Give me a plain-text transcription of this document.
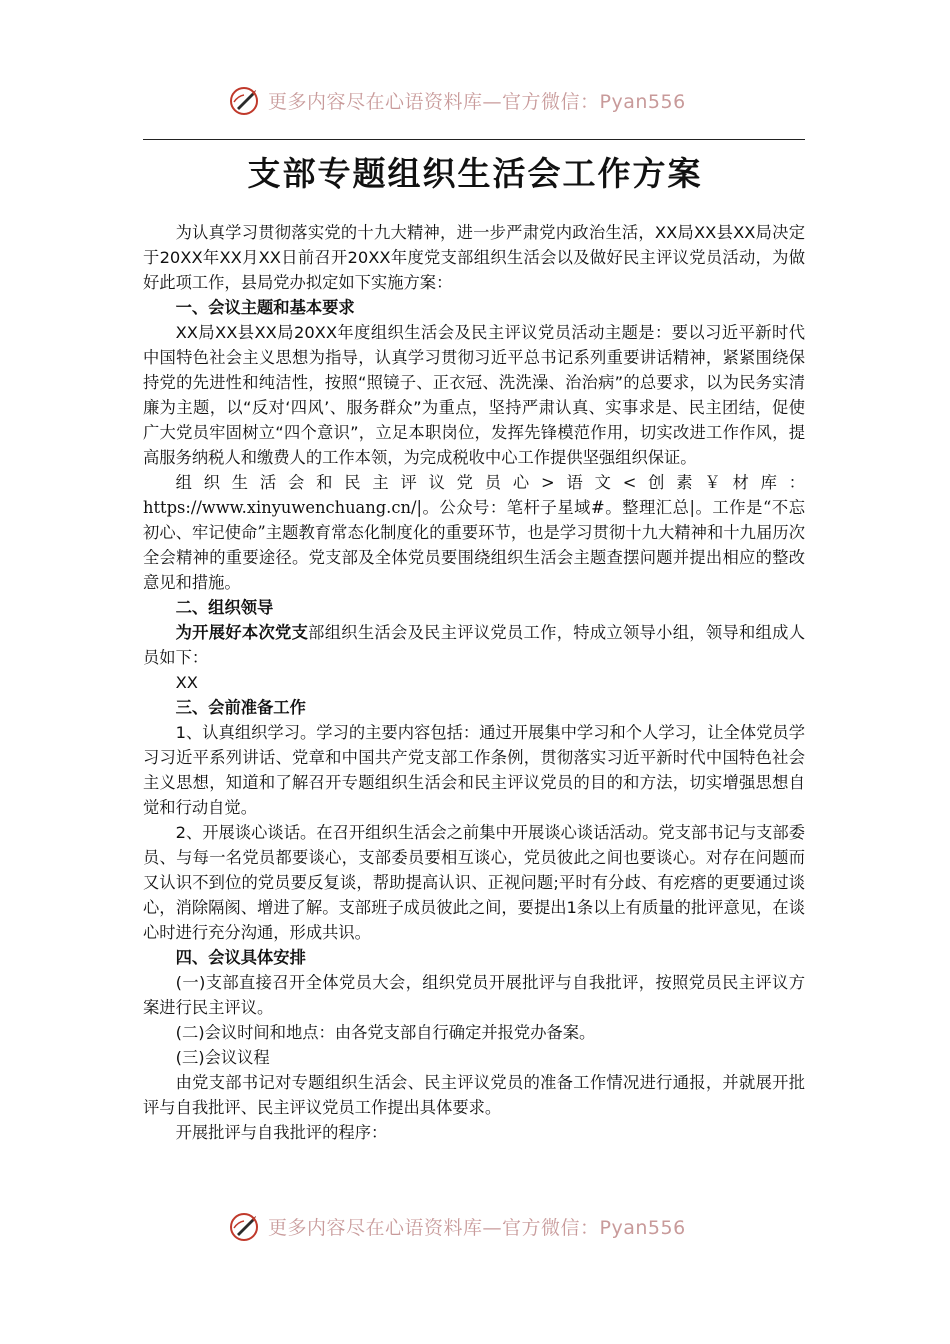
更多内容尽在心语资料库—官方微信：Pyan556
支部专题组织生活会工作方案

为认真学习贯彻落实党的十九大精神，进一步严肃党内政治生活，XX局XX县XX局决定于20XX年XX月XX日前召开20XX年度党支部组织生活会以及做好民主评议党员活动，为做好此项工作，县局党办拟定如下实施方案：

一、会议主题和基本要求

XX局XX县XX局20XX年度组织生活会及民主评议党员活动主题是：要以习近平新时代中国特色社会主义思想为指导，认真学习贯彻习近平总书记系列重要讲话精神，紧紧围绕保持党的先进性和纯洁性，按照“照镜子、正衣冠、洗洗澡、治治病”的总要求，以为民务实清廉为主题，以“反对‘四风’、服务群众”为重点，坚持严肃认真、实事求是、民主团结，促使广大党员牢固树立“四个意识”，立足本职岗位，发挥先锋模范作用，切实改进工作作风，提高服务纳税人和缴费人的工作本领，为完成税收中心工作提供坚强组织保证。

组织生活会和民主评议党员心>语文<创素￥材库：https://www.xinyuwenchuang.cn/|。公众号：笔杆子星域#。整理汇总|。工作是“不忘初心、牢记使命”主题教育常态化制度化的重要环节，也是学习贯彻十九大精神和十九届历次全会精神的重要途径。党支部及全体党员要围绕组织生活会主题查摆问题并提出相应的整改意见和措施。

二、组织领导

为开展好本次党支部组织生活会及民主评议党员工作，特成立领导小组，领导和组成人员如下：

XX

三、会前准备工作

1、认真组织学习。学习的主要内容包括：通过开展集中学习和个人学习，让全体党员学习习近平系列讲话、党章和中国共产党支部工作条例，贯彻落实习近平新时代中国特色社会主义思想，知道和了解召开专题组织生活会和民主评议党员的目的和方法，切实增强思想自觉和行动自觉。

2、开展谈心谈话。在召开组织生活会之前集中开展谈心谈话活动。党支部书记与支部委员、与每一名党员都要谈心，支部委员要相互谈心，党员彼此之间也要谈心。对存在问题而又认识不到位的党员要反复谈，帮助提高认识、正视问题;平时有分歧、有疙瘩的更要通过谈心，消除隔阂、增进了解。支部班子成员彼此之间，要提出1条以上有质量的批评意见，在谈心时进行充分沟通，形成共识。

四、会议具体安排

(一)支部直接召开全体党员大会，组织党员开展批评与自我批评，按照党员民主评议方案进行民主评议。

(二)会议时间和地点：由各党支部自行确定并报党办备案。

(三)会议议程

由党支部书记对专题组织生活会、民主评议党员的准备工作情况进行通报，并就展开批评与自我批评、民主评议党员工作提出具体要求。

开展批评与自我批评的程序：

更多内容尽在心语资料库—官方微信：Pyan556
